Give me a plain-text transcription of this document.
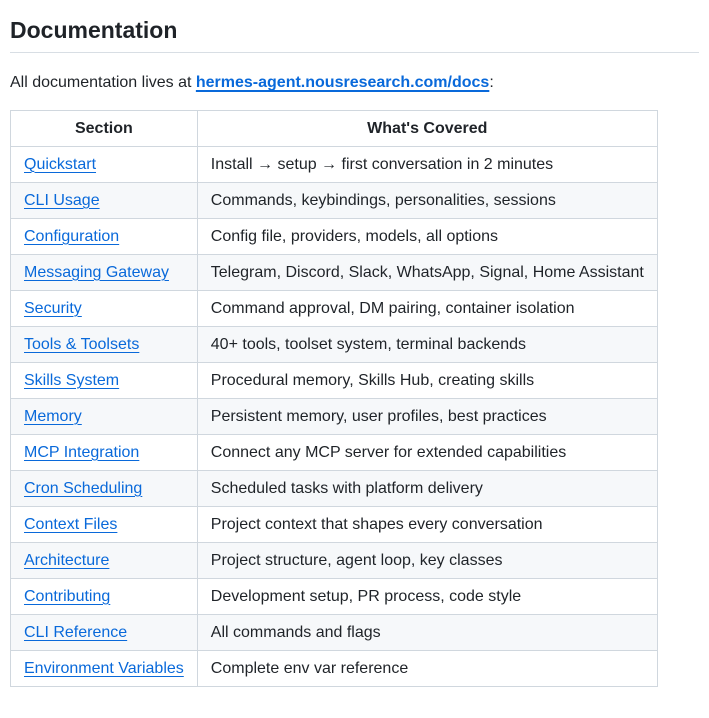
Documentation

All documentation lives at hermes-agent.nousresearch.com/docs:

Section	What's Covered
Quickstart	Install → setup → first conversation in 2 minutes
CLI Usage	Commands, keybindings, personalities, sessions
Configuration	Config file, providers, models, all options
Messaging Gateway	Telegram, Discord, Slack, WhatsApp, Signal, Home Assistant
Security	Command approval, DM pairing, container isolation
Tools & Toolsets	40+ tools, toolset system, terminal backends
Skills System	Procedural memory, Skills Hub, creating skills
Memory	Persistent memory, user profiles, best practices
MCP Integration	Connect any MCP server for extended capabilities
Cron Scheduling	Scheduled tasks with platform delivery
Context Files	Project context that shapes every conversation
Architecture	Project structure, agent loop, key classes
Contributing	Development setup, PR process, code style
CLI Reference	All commands and flags
Environment Variables	Complete env var reference
